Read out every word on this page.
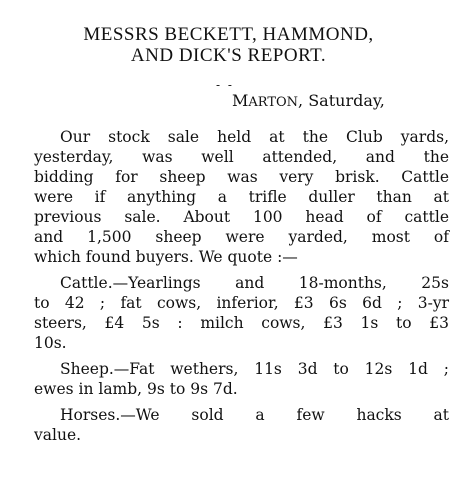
MESSRS BECKETT, HAMMOND,
AND DICK'S REPORT.
- -
MARTON, Saturday,
Our stock sale held at the Club yards,
yesterday, was well attended, and the
bidding for sheep was very brisk. Cattle
were if anything a trifle duller than at
previous sale. About 100 head of cattle
and 1,500 sheep were yarded, most of
which found buyers. We quote :—
Cattle.—Yearlings and 18-months, 25s
to 42 ; fat cows, inferior, £3 6s 6d ; 3-yr
steers, £4 5s : milch cows, £3 1s to £3
10s.
Sheep.—Fat wethers, 11s 3d to 12s 1d ;
ewes in lamb, 9s to 9s 7d.
Horses.—We sold a few hacks at
value.
